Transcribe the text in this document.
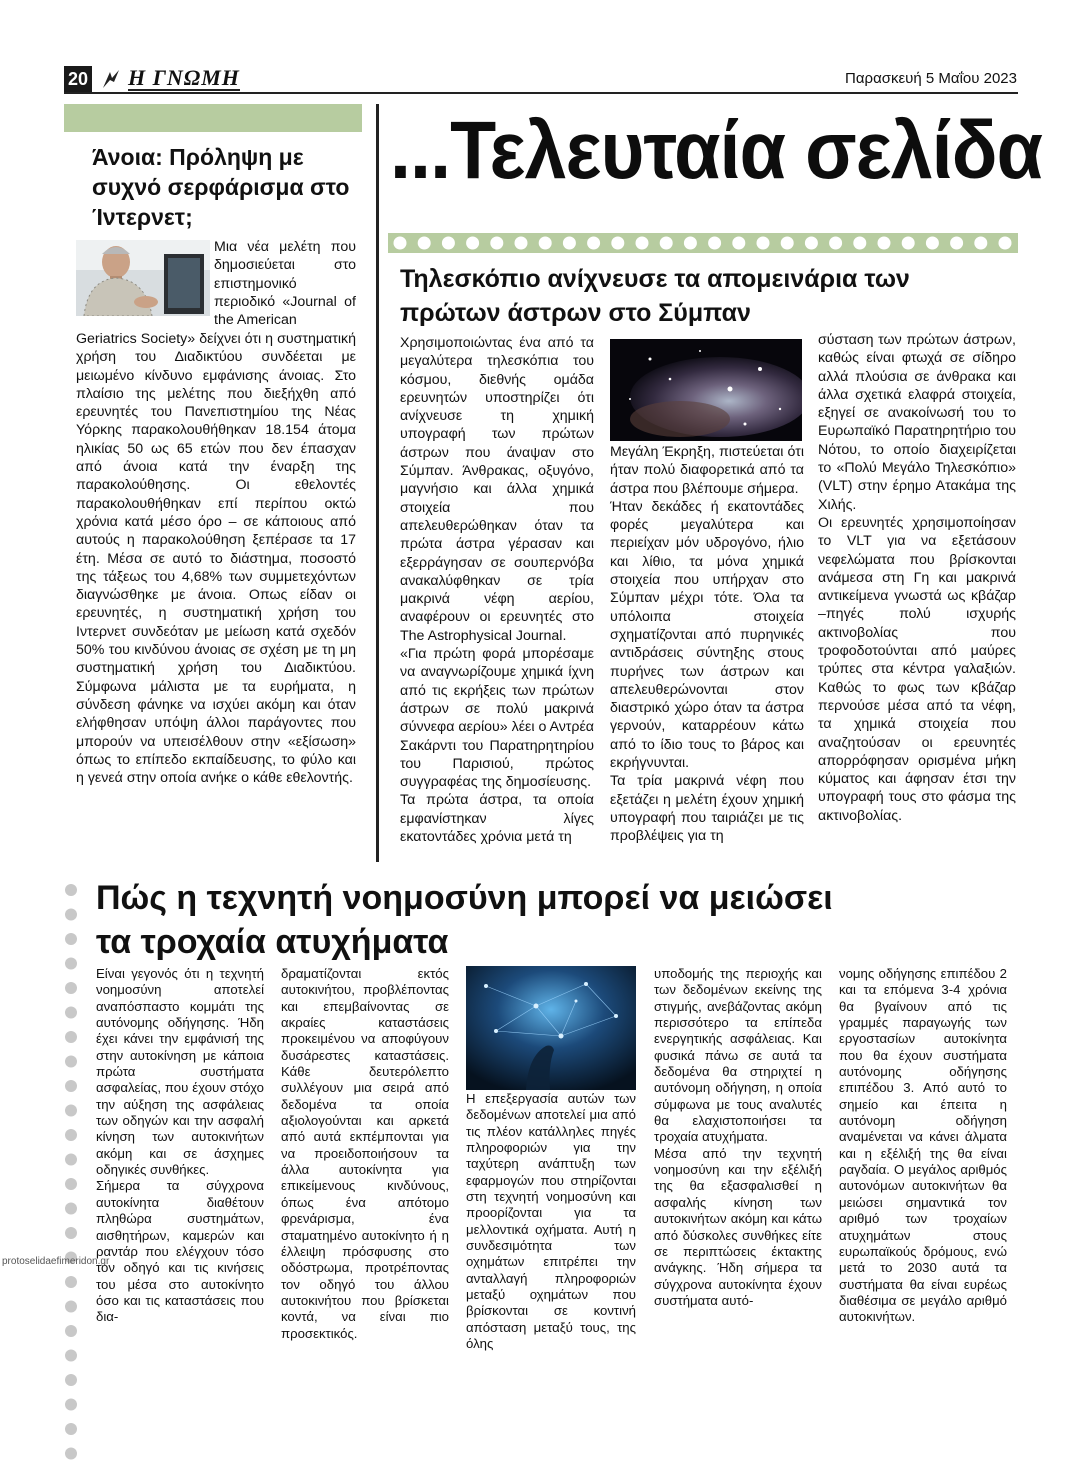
20 Η ΓΝΩΜΗ	Παρασκευή 5 Μαΐου 2023
Άνοια: Πρόληψη με συχνό σερφάρισμα στο Ίντερνετ;

Μια νέα μελέτη που δημοσιεύεται στο επιστημονικό περιοδικό «Journal of the American

Geriatrics Society» δείχνει ότι η συστηματική χρήση του Διαδικτύου συνδέεται με μειωμένο κίνδυνο εμφάνισης άνοιας. Στο πλαίσιο της μελέτης που διεξήχθη από ερευνητές του Πανεπιστημίου της Νέας Υόρκης παρακολουθήθηκαν 18.154 άτομα ηλικίας 50 ως 65 ετών που δεν έπασχαν από άνοια κατά την έναρξη της παρακολούθησης. Οι εθελοντές παρακολουθήθηκαν επί περίπου οκτώ χρόνια κατά μέσο όρο – σε κάποιους από αυτούς η παρακολούθηση ξεπέρασε τα 17 έτη. Μέσα σε αυτό το διάστημα, ποσοστό της τάξεως του 4,68% των συμμετεχόντων διαγνώσθηκε με άνοια. Οπως είδαν οι ερευνητές, η συστηματική χρήση του Ιντερνετ συνδεόταν με μείωση κατά σχεδόν 50% του κινδύνου άνοιας σε σχέση με τη μη συστηματική χρήση του Διαδικτύου. Σύμφωνα μάλιστα με τα ευρήματα, η σύνδεση φάνηκε να ισχύει ακόμη και όταν ελήφθησαν υπόψη άλλοι παράγοντες που μπορούν να υπεισέλθουν στην «εξίσωση» όπως το επίπεδο εκπαίδευσης, το φύλο και η γενεά στην οποία ανήκε ο κάθε εθελοντής.

...Τελευταία σελίδα
Τηλεσκόπιο ανίχνευσε τα απομεινάρια των πρώτων άστρων στο Σύμπαν

Χρησιμοποιώντας ένα από τα μεγαλύτερα τηλεσκόπια του κόσμου, διεθνής ομάδα ερευνητών υποστηρίζει ότι ανίχνευσε τη χημική υπογραφή των πρώτων άστρων που άναψαν στο Σύμπαν. Άνθρακας, οξυγόνο, μαγνήσιο και άλλα χημικά στοιχεία που απελευθερώθηκαν όταν τα πρώτα άστρα γέρασαν και εξερράγησαν σε σουπερνόβα ανακαλύφθηκαν σε τρία μακρινά νέφη αερίου, αναφέρουν οι ερευνητές στο The Astrophysical Journal.

«Για πρώτη φορά μπορέσαμε να αναγνωρίζουμε χημικά ίχνη από τις εκρήξεις των πρώτων άστρων σε πολύ μακρινά σύννεφα αερίου» λέει ο Αντρέα Σακάρντι του Παρατηρητηρίου του Παρισιού, πρώτος συγγραφέας της δημοσίευσης.

Τα πρώτα άστρα, τα οποία εμφανίστηκαν λίγες εκατοντάδες χρόνια μετά τη

Μεγάλη Έκρηξη, πιστεύεται ότι ήταν πολύ διαφορετικά από τα άστρα που βλέπουμε σήμερα.

Ήταν δεκάδες ή εκατοντάδες φορές μεγαλύτερα και περιείχαν μόν υδρογόνο, ήλιο και λίθιο, τα μόνα χημικά στοιχεία που υπήρχαν στο Σύμπαν μέχρι τότε. Όλα τα υπόλοιπα στοιχεία σχηματίζονται από πυρηνικές αντιδράσεις σύντηξης στους πυρήνες των άστρων και απελευθερώνονται στον διαστρικό χώρο όταν τα άστρα γερνούν, καταρρέουν κάτω από το ίδιο τους το βάρος και εκρήγνυνται.

Τα τρία μακρινά νέφη που εξετάζει η μελέτη έχουν χημική υπογραφή που ταιριάζει με τις προβλέψεις για τη

σύσταση των πρώτων άστρων, καθώς είναι φτωχά σε σίδηρο αλλά πλούσια σε άνθρακα και άλλα σχετικά ελαφρά στοιχεία, εξηγεί σε ανακοίνωσή του το Ευρωπαϊκό Παρατηρητήριο του Νότου, το οποίο διαχειρίζεται το «Πολύ Μεγάλο Τηλεσκόπιο» (VLT) στην έρημο Ατακάμα της Χιλής.

Οι ερευνητές χρησιμοποίησαν το VLT για να εξετάσουν νεφελώματα που βρίσκονται ανάμεσα στη Γη και μακρινά αντικείμενα γνωστά ως κβάζαρ –πηγές πολύ ισχυρής ακτινοβολίας που τροφοδοτούνται από μαύρες τρύπες στα κέντρα γαλαξιών. Καθώς το φως των κβάζαρ περνούσε μέσα από τα νέφη, τα χημικά στοιχεία που αναζητούσαν οι ερευνητές απορρόφησαν ορισμένα μήκη κύματος και άφησαν έτσι την υπογραφή τους στο φάσμα της ακτινοβολίας.

Πώς η τεχνητή νοημοσύνη μπορεί να μειώσει
τα τροχαία ατυχήματα

Είναι γεγονός ότι η τεχνητή νοημοσύνη αποτελεί αναπόσπαστο κομμάτι της αυτόνομης οδήγησης. Ήδη έχει κάνει την εμφάνισή της στην αυτοκίνηση με κάποια πρώτα συστήματα ασφαλείας, που έχουν στόχο την αύξηση της ασφάλειας των οδηγών και την ασφαλή κίνηση των αυτοκινήτων ακόμη και σε άσχημες οδηγικές συνθήκες.

Σήμερα τα σύγχρονα αυτοκίνητα διαθέτουν πληθώρα συστημάτων, αισθητήρων, καμερών και ραντάρ που ελέγχουν τόσο τον οδηγό και τις κινήσεις του μέσα στο αυτοκίνητο όσο και τις καταστάσεις που δια-

δραματίζονται εκτός αυτοκινήτου, προβλέποντας και επεμβαίνοντας σε ακραίες καταστάσεις προκειμένου να αποφύγουν δυσάρεστες καταστάσεις. Κάθε δευτερόλεπτο συλλέγουν μια σειρά από δεδομένα τα οποία αξιολογούνται και αρκετά από αυτά εκπέμπονται για να προειδοποιήσουν τα άλλα αυτοκίνητα για επικείμενους κινδύνους, όπως ένα απότομο φρενάρισμα, ένα σταματημένο αυτοκίνητο ή η έλλειψη πρόσφυσης στο οδόστρωμα, προτρέποντας τον οδηγό του άλλου αυτοκινήτου που βρίσκεται κοντά, να είναι πιο προσεκτικός.

Η επεξεργασία αυτών των δεδομένων αποτελεί μια από τις πλέον κατάλληλες πηγές πληροφοριών για την ταχύτερη ανάπτυξη των εφαρμογών που στηρίζονται στη τεχνητή νοημοσύνη και προορίζονται για τα μελλοντικά οχήματα. Αυτή η συνδεσιμότητα των οχημάτων επιτρέπει την ανταλλαγή πληροφοριών μεταξύ οχημάτων που βρίσκονται σε κοντινή απόσταση μεταξύ τους, της όλης

υποδομής της περιοχής και των δεδομένων εκείνης της στιγμής, ανεβάζοντας ακόμη περισσότερο τα επίπεδα ενεργητικής ασφάλειας. Και φυσικά πάνω σε αυτά τα δεδομένα θα στηριχτεί η αυτόνομη οδήγηση, η οποία σύμφωνα με τους αναλυτές θα ελαχιστοποιήσει τα τροχαία ατυχήματα.

Μέσα από την τεχνητή νοημοσύνη και την εξέλιξή της θα εξασφαλισθεί η ασφαλής κίνηση των αυτοκινήτων ακόμη και κάτω από δύσκολες συνθήκες είτε σε περιπτώσεις έκτακτης ανάγκης. Ήδη σήμερα τα σύγχρονα αυτοκίνητα έχουν συστήματα αυτό-

νομης οδήγησης επιπέδου 2 και τα επόμενα 3-4 χρόνια θα βγαίνουν από τις γραμμές παραγωγής των εργοστασίων αυτοκίνητα που θα έχουν συστήματα αυτόνομης οδήγησης επιπέδου 3. Από αυτό το σημείο και έπειτα η αυτόνομη οδήγηση αναμένεται να κάνει άλματα και η εξέλιξή της θα είναι ραγδαία. Ο μεγάλος αριθμός αυτονόμων αυτοκινήτων θα μειώσει σημαντικά τον αριθμό των τροχαίων ατυχημάτων στους ευρωπαϊκούς δρόμους, ενώ μετά το 2030 αυτά τα συστήματα θα είναι ευρέως διαθέσιμα σε μεγάλο αριθμό αυτοκινήτων.

protoselidaefimeridon.gr
